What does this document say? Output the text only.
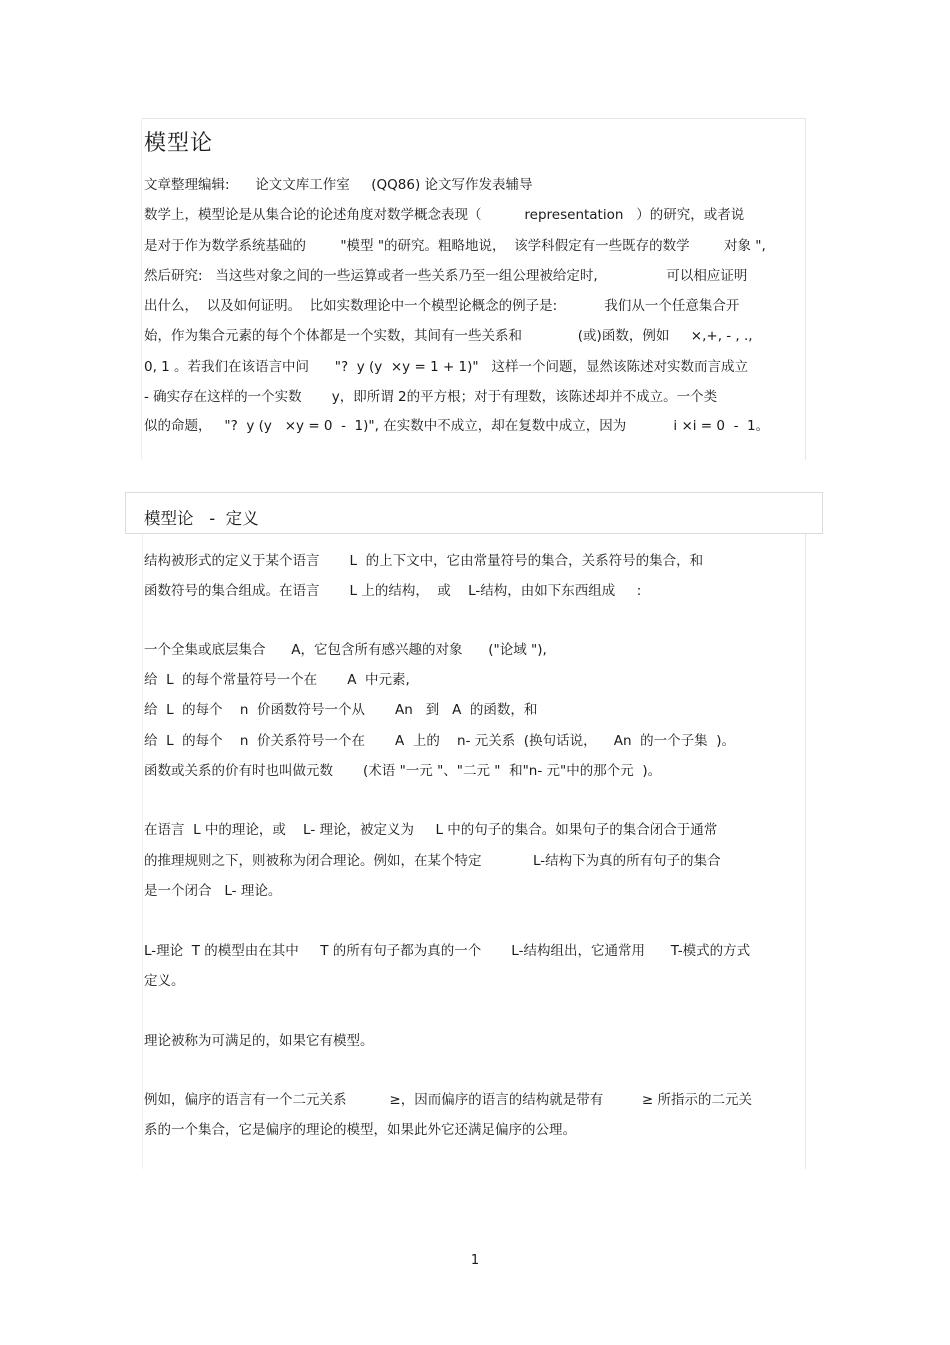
模型论
文章整理编辑:      论文文库工作室     (QQ86) 论文写作发表辅导
数学上，模型论是从集合论的论述角度对数学概念表现（          representation   ）的研究，或者说
是对于作为数学系统基础的        "模型 "的研究。粗略地说，  该学科假定有一些既存的数学        对象 ",
然后研究:   当这些对象之间的一些运算或者一些关系乃至一组公理被给定时,                可以相应证明
出什么，  以及如何证明。  比如实数理论中一个模型论概念的例子是:           我们从一个任意集合开
始，作为集合元素的每个个体都是一个实数，其间有一些关系和             (或)函数，例如     ×,+, - , .,
0, 1 。若我们在该语言中问      "?  y (y  ×y = 1 + 1)"   这样一个问题，显然该陈述对实数而言成立
- 确实存在这样的一个实数       y，即所谓 2的平方根；对于有理数，该陈述却并不成立。一个类
似的命题，   "?  y (y   ×y = 0  -  1)", 在实数中不成立，却在复数中成立，因为           i ×i = 0  -  1。
模型论   -  定义
结构被形式的定义于某个语言       L  的上下文中，它由常量符号的集合，关系符号的集合，和
函数符号的集合组成。在语言       L 上的结构，  或    L-结构，由如下东西组成     :
一个全集或底层集合      A，它包含所有感兴趣的对象      ("论域 "),
给  L  的每个常量符号一个在       A  中元素,
给  L  的每个    n  价函数符号一个从       An   到   A  的函数，和
给  L  的每个    n  价关系符号一个在       A  上的    n- 元关系  (换句话说，    An  的一个子集  )。
函数或关系的价有时也叫做元数       (术语 "一元 "、"二元 "  和"n- 元"中的那个元  )。
在语言  L 中的理论，或    L- 理论，被定义为     L 中的句子的集合。如果句子的集合闭合于通常
的推理规则之下，则被称为闭合理论。例如，在某个特定            L-结构下为真的所有句子的集合
是一个闭合   L- 理论。
L-理论  T 的模型由在其中     T 的所有句子都为真的一个       L-结构组出，它通常用      T-模式的方式
定义。
理论被称为可满足的，如果它有模型。
例如，偏序的语言有一个二元关系          ≥，因而偏序的语言的结构就是带有         ≥ 所指示的二元关
系的一个集合，它是偏序的理论的模型，如果此外它还满足偏序的公理。
1
